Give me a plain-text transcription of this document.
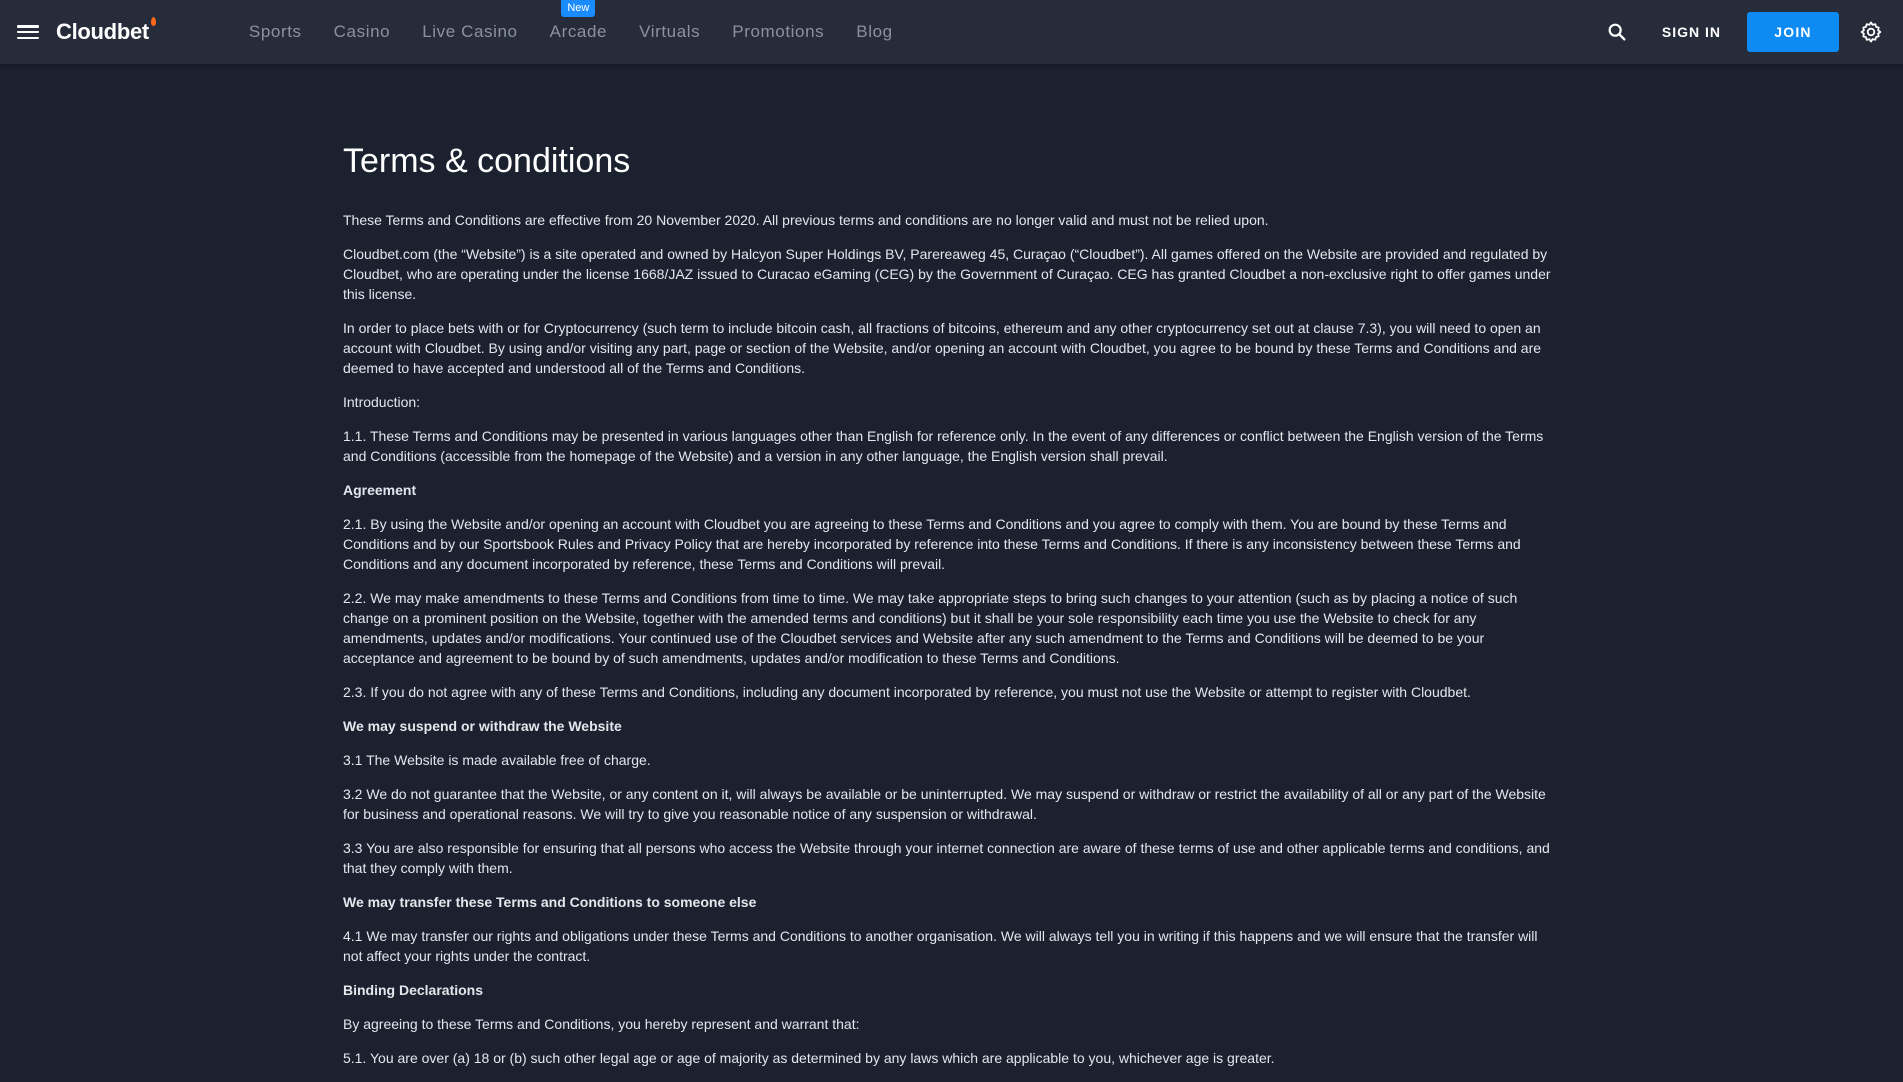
Cloudbet	Sports Casino Live Casino
New
Arcade Virtuals Promotions Blog	SIGN IN	JOIN
Terms & conditions

These Terms and Conditions are effective from 20 November 2020. All previous terms and conditions are no longer valid and must not be relied upon.

Cloudbet.com (the “Website”) is a site operated and owned by Halcyon Super Holdings BV, Parereaweg 45, Curaçao (“Cloudbet”). All games offered on the Website are provided and regulated by Cloudbet, who are operating under the license 1668/JAZ issued to Curacao eGaming (CEG) by the Government of Curaçao. CEG has granted Cloudbet a non-exclusive right to offer games under this license.

In order to place bets with or for Cryptocurrency (such term to include bitcoin cash, all fractions of bitcoins, ethereum and any other cryptocurrency set out at clause 7.3), you will need to open an account with Cloudbet. By using and/or visiting any part, page or section of the Website, and/or opening an account with Cloudbet, you agree to be bound by these Terms and Conditions and are deemed to have accepted and understood all of the Terms and Conditions.

Introduction:

1.1. These Terms and Conditions may be presented in various languages other than English for reference only. In the event of any differences or conflict between the English version of the Terms and Conditions (accessible from the homepage of the Website) and a version in any other language, the English version shall prevail.

Agreement

2.1. By using the Website and/or opening an account with Cloudbet you are agreeing to these Terms and Conditions and you agree to comply with them. You are bound by these Terms and Conditions and by our Sportsbook Rules and Privacy Policy that are hereby incorporated by reference into these Terms and Conditions. If there is any inconsistency between these Terms and Conditions and any document incorporated by reference, these Terms and Conditions will prevail.

2.2. We may make amendments to these Terms and Conditions from time to time. We may take appropriate steps to bring such changes to your attention (such as by placing a notice of such change on a prominent position on the Website, together with the amended terms and conditions) but it shall be your sole responsibility each time you use the Website to check for any amendments, updates and/or modifications. Your continued use of the Cloudbet services and Website after any such amendment to the Terms and Conditions will be deemed to be your acceptance and agreement to be bound by of such amendments, updates and/or modification to these Terms and Conditions.

2.3. If you do not agree with any of these Terms and Conditions, including any document incorporated by reference, you must not use the Website or attempt to register with Cloudbet.

We may suspend or withdraw the Website

3.1 The Website is made available free of charge.

3.2 We do not guarantee that the Website, or any content on it, will always be available or be uninterrupted. We may suspend or withdraw or restrict the availability of all or any part of the Website for business and operational reasons. We will try to give you reasonable notice of any suspension or withdrawal.

3.3 You are also responsible for ensuring that all persons who access the Website through your internet connection are aware of these terms of use and other applicable terms and conditions, and that they comply with them.

We may transfer these Terms and Conditions to someone else

4.1 We may transfer our rights and obligations under these Terms and Conditions to another organisation. We will always tell you in writing if this happens and we will ensure that the transfer will not affect your rights under the contract.

Binding Declarations

By agreeing to these Terms and Conditions, you hereby represent and warrant that:

5.1. You are over (a) 18 or (b) such other legal age or age of majority as determined by any laws which are applicable to you, whichever age is greater.
